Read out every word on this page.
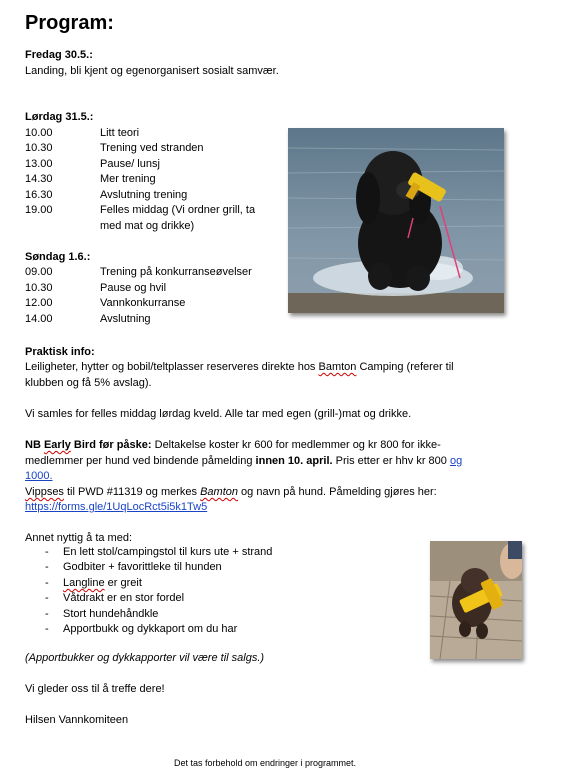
Program:
Fredag 30.5.:
Landing, bli kjent og egenorganisert sosialt samvær.
Lørdag 31.5.:
10.00	Litt teori
10.30	Trening ved stranden
13.00	Pause/ lunsj
14.30	Mer trening
16.30	Avslutning trening
19.00	Felles middag (Vi ordner grill, ta
med mat og drikke)
Søndag 1.6.:
09.00	Trening på konkurranseøvelser
10.30	Pause og hvil
12.00	Vannkonkurranse
14.00	Avslutning
Praktisk info:
Leiligheter, hytter og bobil/teltplasser reserveres direkte hos Bamton Camping (referer til
klubben og få 5% avslag).
Vi samles for felles middag lørdag kveld. Alle tar med egen (grill-)mat og drikke.
NB Early Bird før påske: Deltakelse koster kr 600 for medlemmer og kr 800 for ikke-
medlemmer per hund ved bindende påmelding innen 10. april. Pris etter er hhv kr 800 og
1000.
Vippses til PWD #11319 og merkes Bamton og navn på hund. Påmelding gjøres her:
https://forms.gle/1UqLocRct5i5k1Tw5
Annet nyttig å ta med:
- En lett stol/campingstol til kurs ute + strand
- Godbiter + favorittleke til hunden
- Langline er greit
- Våtdrakt er en stor fordel
- Stort hundehåndkle
- Apportbukk og dykkaport om du har
(Apportbukker og dykkapporter vil være til salgs.)
Vi gleder oss til å treffe dere!
Hilsen Vannkomiteen
Det tas forbehold om endringer i programmet.
